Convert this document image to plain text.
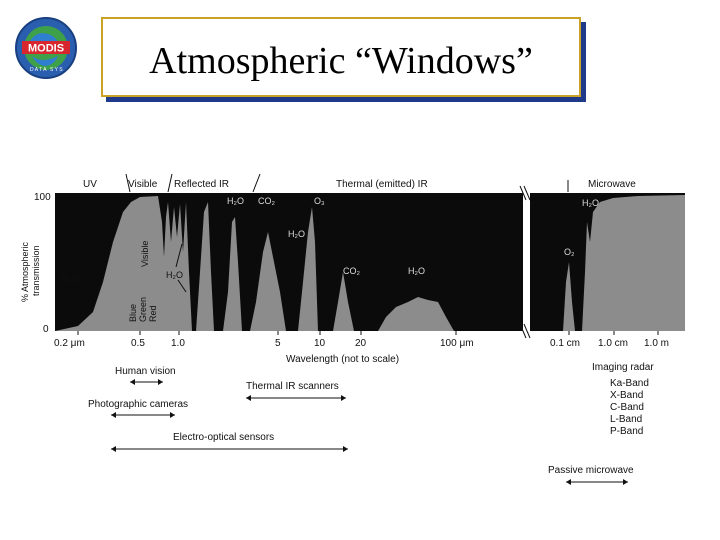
MODIS
D A T A S Y S	Atmospheric “Windows”
UV	Visible Reflected IR	Thermal (emitted) IR	Microwave
100
0
% Atmospheric transmission O₂ O₃
H₂O CO₂	O₃
H₂O
CO₂	H₂O
H₂O
H₂O
O₂
Blue Green Red
Visible
0.2 μm	0.5	1.0	5	10	20	100 μm	0.1 cm 1.0 cm 1.0 m
Wavelength (not to scale)
Human vision
Photographic cameras
Electro-optical sensors
Thermal IR scanners
Imaging radar
Ka-Band
X-Band
C-Band
L-Band
P-Band
Passive microwave
